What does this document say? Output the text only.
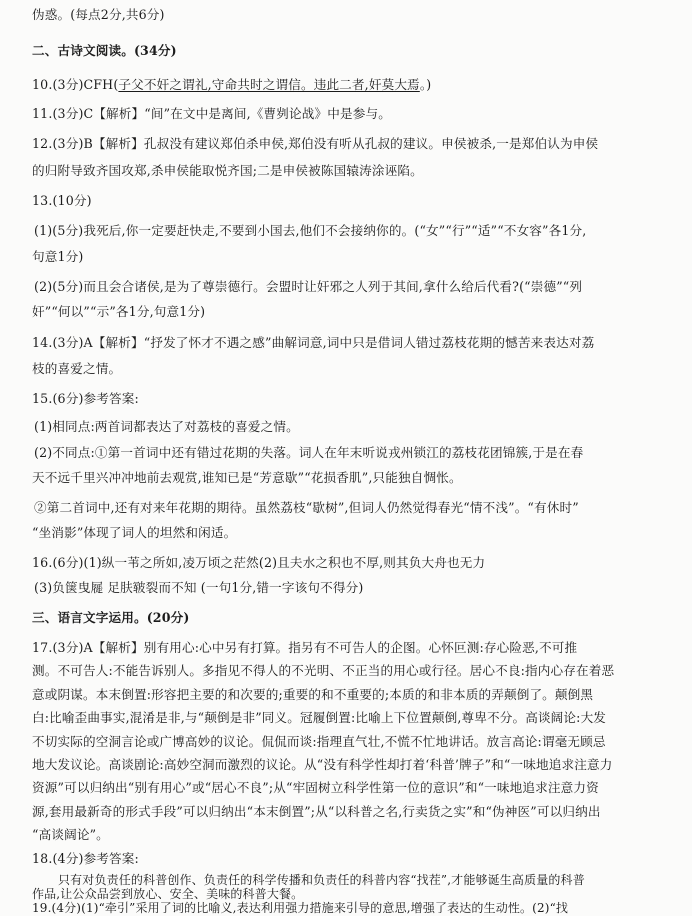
伪惑。(每点2分,共6分)
二、古诗文阅读。(34分)
10.(3分)CFH(子父不奸之谓礼,守命共时之谓信。违此二者,奸莫大焉。)
11.(3分)C【解析】“间”在文中是离间,《曹刿论战》中是参与。
12.(3分)B【解析】孔叔没有建议郑伯杀申侯,郑伯没有听从孔叔的建议。申侯被杀,一是郑伯认为申侯
的归附导致齐国攻郑,杀申侯能取悦齐国;二是申侯被陈国辕涛涂诬陷。
13.(10分)
(1)(5分)我死后,你一定要赶快走,不要到小国去,他们不会接纳你的。(“女”“行”“适”“不女容”各1分,
句意1分)
(2)(5分)而且会合诸侯,是为了尊崇德行。会盟时让奸邪之人列于其间,拿什么给后代看?(“崇德”“列
奸”“何以”“示”各1分,句意1分)
14.(3分)A【解析】“抒发了怀才不遇之感”曲解词意,词中只是借词人错过荔枝花期的憾苦来表达对荔
枝的喜爱之情。
15.(6分)参考答案:
(1)相同点:两首词都表达了对荔枝的喜爱之情。
(2)不同点:①第一首词中还有错过花期的失落。词人在年末听说戎州锁江的荔枝花团锦簇,于是在春
天不远千里兴冲冲地前去观赏,谁知已是“芳意歇”“花损香肌”,只能独自惆怅。
②第二首词中,还有对来年花期的期待。虽然荔枝“歇树”,但词人仍然觉得春光“情不浅”。“有休时”
“坐消影”体现了词人的坦然和闲适。
16.(6分)(1)纵一苇之所如,凌万顷之茫然(2)且夫水之积也不厚,则其负大舟也无力
(3)负箧曳屣 足肤皲裂而不知 (一句1分,错一字该句不得分)
三、语言文字运用。(20分)
17.(3分)A【解析】别有用心:心中另有打算。指另有不可告人的企图。心怀叵测:存心险恶,不可推
测。不可告人:不能告诉别人。多指见不得人的不光明、不正当的用心或行径。居心不良:指内心存在着恶
意或阴谋。本末倒置:形容把主要的和次要的;重要的和不重要的;本质的和非本质的弄颠倒了。颠倒黑
白:比喻歪曲事实,混淆是非,与“颠倒是非”同义。冠履倒置:比喻上下位置颠倒,尊卑不分。高谈阔论:大发
不切实际的空洞言论或广博高妙的议论。侃侃而谈:指理直气壮,不慌不忙地讲话。放言高论:谓毫无顾忌
地大发议论。高谈剧论:高妙空洞而激烈的议论。从“没有科学性却打着‘科普’牌子”和“一味地追求注意力
资源”可以归纳出“别有用心”或“居心不良”;从“牢固树立科学性第一位的意识”和“一味地追求注意力资
源,套用最新奇的形式手段”可以归纳出“本末倒置”;从“以科普之名,行卖货之实”和“伪神医”可以归纳出
“高谈阔论”。
18.(4分)参考答案:
只有对负责任的科普创作、负责任的科学传播和负责任的科普内容“找茬”,才能够诞生高质量的科普
作品,让公众品尝到放心、安全、美味的科普大餐。
19.(4分)(1)“牵引”采用了词的比喻义,表达利用强力措施来引导的意思,增强了表达的生动性。(2)“找
